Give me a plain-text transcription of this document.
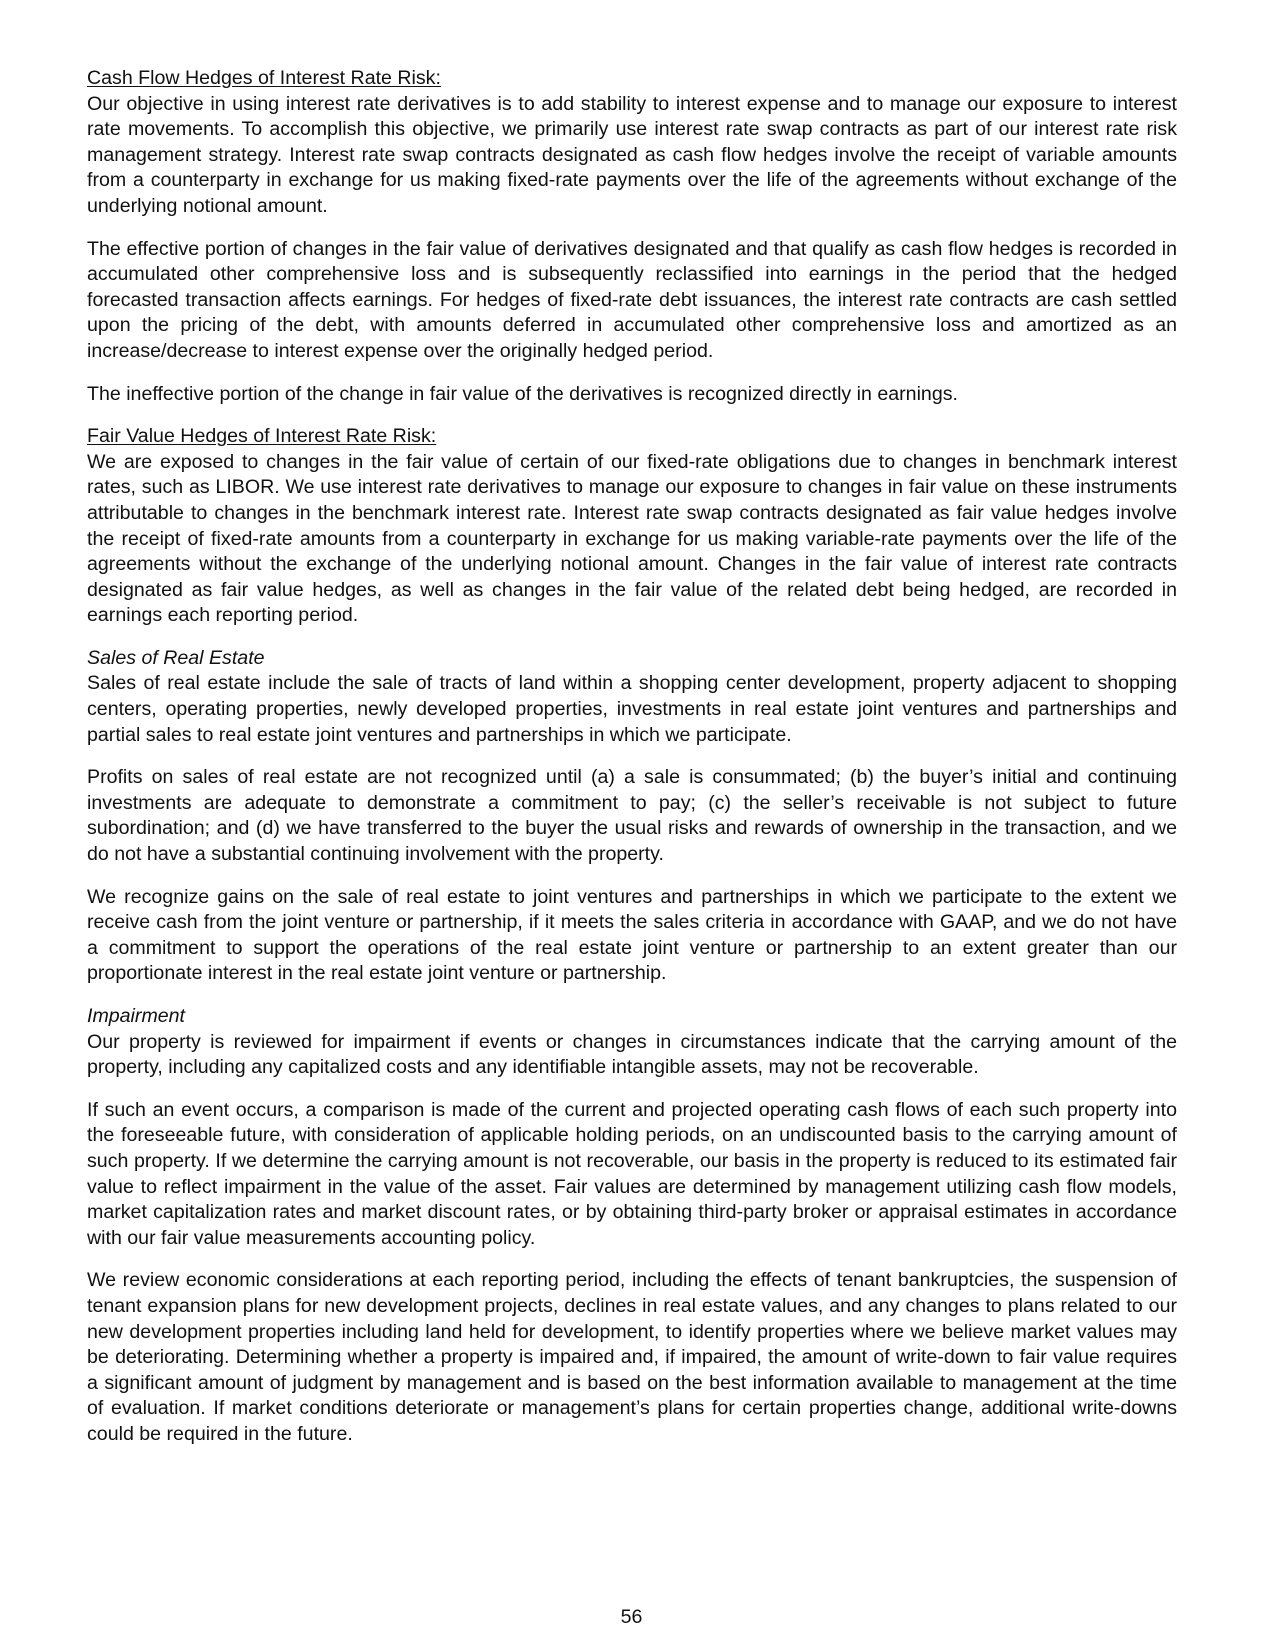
Cash Flow Hedges of Interest Rate Risk:

Our objective in using interest rate derivatives is to add stability to interest expense and to manage our exposure to interest rate movements. To accomplish this objective, we primarily use interest rate swap contracts as part of our interest rate risk management strategy. Interest rate swap contracts designated as cash flow hedges involve the receipt of variable amounts from a counterparty in exchange for us making fixed-rate payments over the life of the agreements without exchange of the underlying notional amount.

The effective portion of changes in the fair value of derivatives designated and that qualify as cash flow hedges is recorded in accumulated other comprehensive loss and is subsequently reclassified into earnings in the period that the hedged forecasted transaction affects earnings. For hedges of fixed-rate debt issuances, the interest rate contracts are cash settled upon the pricing of the debt, with amounts deferred in accumulated other comprehensive loss and amortized as an increase/decrease to interest expense over the originally hedged period.

The ineffective portion of the change in fair value of the derivatives is recognized directly in earnings.

Fair Value Hedges of Interest Rate Risk:

We are exposed to changes in the fair value of certain of our fixed-rate obligations due to changes in benchmark interest rates, such as LIBOR. We use interest rate derivatives to manage our exposure to changes in fair value on these instruments attributable to changes in the benchmark interest rate. Interest rate swap contracts designated as fair value hedges involve the receipt of fixed-rate amounts from a counterparty in exchange for us making variable-rate payments over the life of the agreements without the exchange of the underlying notional amount. Changes in the fair value of interest rate contracts designated as fair value hedges, as well as changes in the fair value of the related debt being hedged, are recorded in earnings each reporting period.

Sales of Real Estate

Sales of real estate include the sale of tracts of land within a shopping center development, property adjacent to shopping centers, operating properties, newly developed properties, investments in real estate joint ventures and partnerships and partial sales to real estate joint ventures and partnerships in which we participate.

Profits on sales of real estate are not recognized until (a) a sale is consummated; (b) the buyer’s initial and continuing investments are adequate to demonstrate a commitment to pay; (c) the seller’s receivable is not subject to future subordination; and (d) we have transferred to the buyer the usual risks and rewards of ownership in the transaction, and we do not have a substantial continuing involvement with the property.

We recognize gains on the sale of real estate to joint ventures and partnerships in which we participate to the extent we receive cash from the joint venture or partnership, if it meets the sales criteria in accordance with GAAP, and we do not have a commitment to support the operations of the real estate joint venture or partnership to an extent greater than our proportionate interest in the real estate joint venture or partnership.

Impairment

Our property is reviewed for impairment if events or changes in circumstances indicate that the carrying amount of the property, including any capitalized costs and any identifiable intangible assets, may not be recoverable.

If such an event occurs, a comparison is made of the current and projected operating cash flows of each such property into the foreseeable future, with consideration of applicable holding periods, on an undiscounted basis to the carrying amount of such property. If we determine the carrying amount is not recoverable, our basis in the property is reduced to its estimated fair value to reflect impairment in the value of the asset. Fair values are determined by management utilizing cash flow models, market capitalization rates and market discount rates, or by obtaining third-party broker or appraisal estimates in accordance with our fair value measurements accounting policy.

We review economic considerations at each reporting period, including the effects of tenant bankruptcies, the suspension of tenant expansion plans for new development projects, declines in real estate values, and any changes to plans related to our new development properties including land held for development, to identify properties where we believe market values may be deteriorating. Determining whether a property is impaired and, if impaired, the amount of write-down to fair value requires a significant amount of judgment by management and is based on the best information available to management at the time of evaluation. If market conditions deteriorate or management’s plans for certain properties change, additional write-downs could be required in the future.

56
